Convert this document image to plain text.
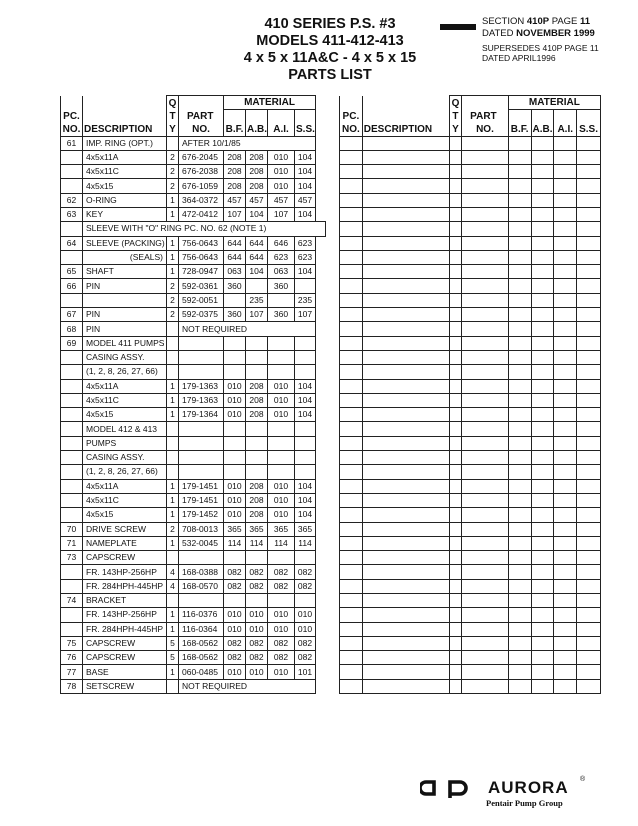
410 SERIES P.S. #3
MODELS 411-412-413
4 x 5 x 11A&C - 4 x 5 x 15
PARTS LIST
SECTION 410P PAGE 11
DATED NOVEMBER 1999
SUPERSEDES 410P PAGE 11
DATED APRIL1996
		Q		MATERIAL			
PC.		T	PART				
NO.	DESCRIPTION	Y	NO.	B.F.	A.B.	A.I.	S.S.
61	IMP. RING (OPT.)		AFTER 10/1/85				
	4x5x11A	2	676-2045	208	208	010	104
	4x5x11C	2	676-2038	208	208	010	104
	4x5x15	2	676-1059	208	208	010	104
62	O-RING	1	364-0372	457	457	457	457
63	KEY	1	472-0412	107	104	107	104
	SLEEVE WITH "O" RING PC. NO. 62 (NOTE 1)						
64	SLEEVE (PACKING)	1	756-0643	644	644	646	623
	(SEALS)	1	756-0643	644	644	623	623
65	SHAFT	1	728-0947	063	104	063	104
66	PIN	2	592-0361	360		360	
		2	592-0051		235		235
67	PIN	2	592-0375	360	107	360	107
68	PIN		NOT REQUIRED				
69	MODEL 411 PUMPS						
	CASING ASSY.						
	(1, 2, 8, 26, 27, 66)						
	4x5x11A	1	179-1363	010	208	010	104
	4x5x11C	1	179-1363	010	208	010	104
	4x5x15	1	179-1364	010	208	010	104
	MODEL 412 & 413						
	PUMPS						
	CASING ASSY.						
	(1, 2, 8, 26, 27, 66)						
	4x5x11A	1	179-1451	010	208	010	104
	4x5x11C	1	179-1451	010	208	010	104
	4x5x15	1	179-1452	010	208	010	104
70	DRIVE SCREW	2	708-0013	365	365	365	365
71	NAMEPLATE	1	532-0045	114	114	114	114
73	CAPSCREW						
	FR. 143HP-256HP	4	168-0388	082	082	082	082
	FR. 284HPH-445HP	4	168-0570	082	082	082	082
74	BRACKET						
	FR. 143HP-256HP	1	116-0376	010	010	010	010
	FR. 284HPH-445HP	1	116-0364	010	010	010	010
75	CAPSCREW	5	168-0562	082	082	082	082
76	CAPSCREW	5	168-0562	082	082	082	082
77	BASE	1	060-0485	010	010	010	101
78	SETSCREW		NOT REQUIRED				
		Q		MATERIAL			
PC.		T	PART				
NO.	DESCRIPTION	Y	NO.	B.F.	A.B.	A.I.	S.S.

AURORA ®
Pentair Pump Group
